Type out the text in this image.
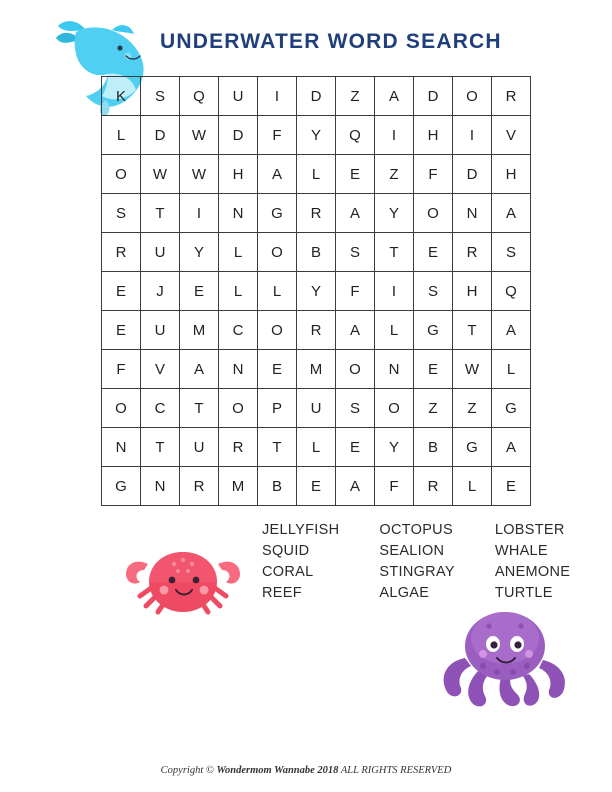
UNDERWATER WORD SEARCH
K	S	Q	U	I	D	Z	A	D	O	R
L	D	W	D	F	Y	Q	I	H	I	V
O	W	W	H	A	L	E	Z	F	D	H
S	T	I	N	G	R	A	Y	O	N	A
R	U	Y	L	O	B	S	T	E	R	S
E	J	E	L	L	Y	F	I	S	H	Q
E	U	M	C	O	R	A	L	G	T	A
F	V	A	N	E	M	O	N	E	W	L
O	C	T	O	P	U	S	O	Z	Z	G
N	T	U	R	T	L	E	Y	B	G	A
G	N	R	M	B	E	A	F	R	L	E
JELLYFISH
SQUID
CORAL
REEF
OCTOPUS
SEALION
STINGRAY
ALGAE
LOBSTER
WHALE
ANEMONE
TURTLE
Copyright © Wondermom Wannabe 2018 ALL RIGHTS RESERVED
